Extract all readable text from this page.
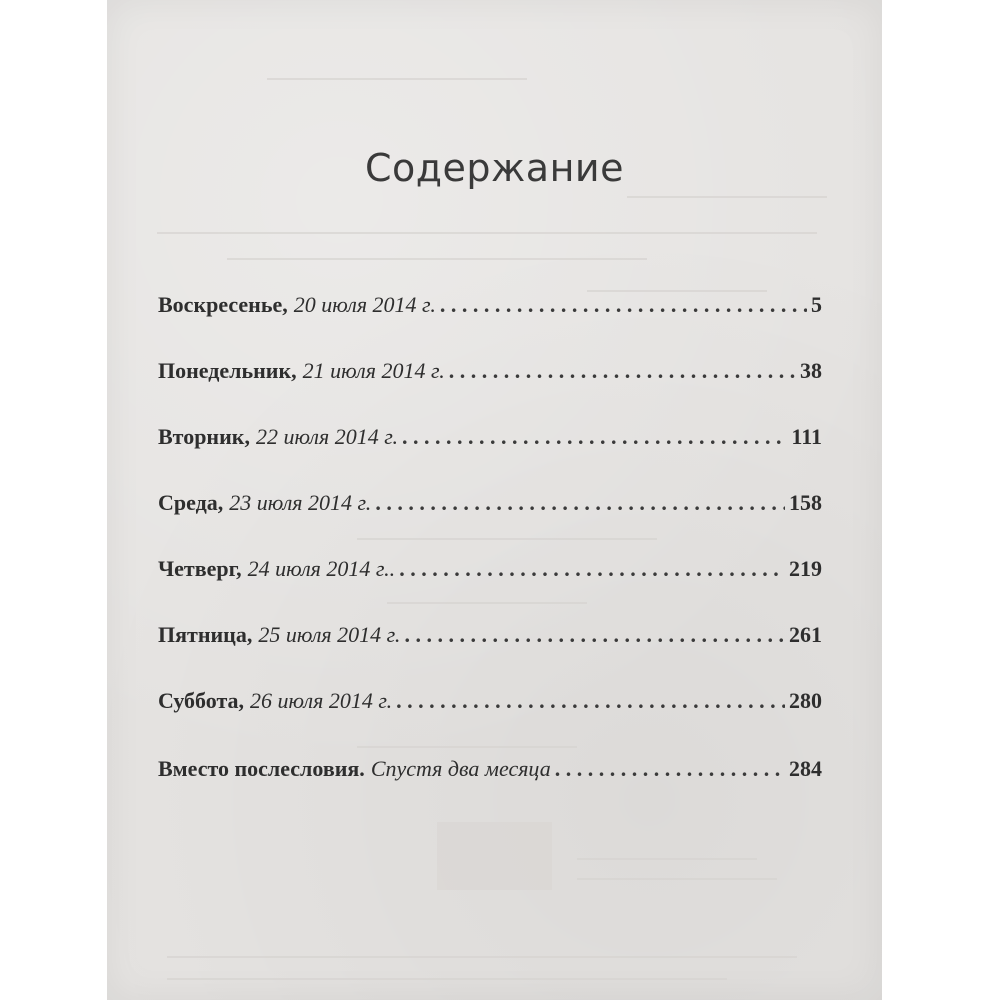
Содержание
Воскресенье, 20 июля 2014 г. . . .	5
Понедельник, 21 июля 2014 г. . . .	38
Вторник, 22 июля 2014 г. . . .	111
Среда, 23 июля 2014 г. . . .	158
Четверг, 24 июля 2014 г.. . . .	219
Пятница, 25 июля 2014 г. . . .	261
Суббота, 26 июля 2014 г. . . .	280
Вместо послесловия. Спустя два месяца . . .	284
